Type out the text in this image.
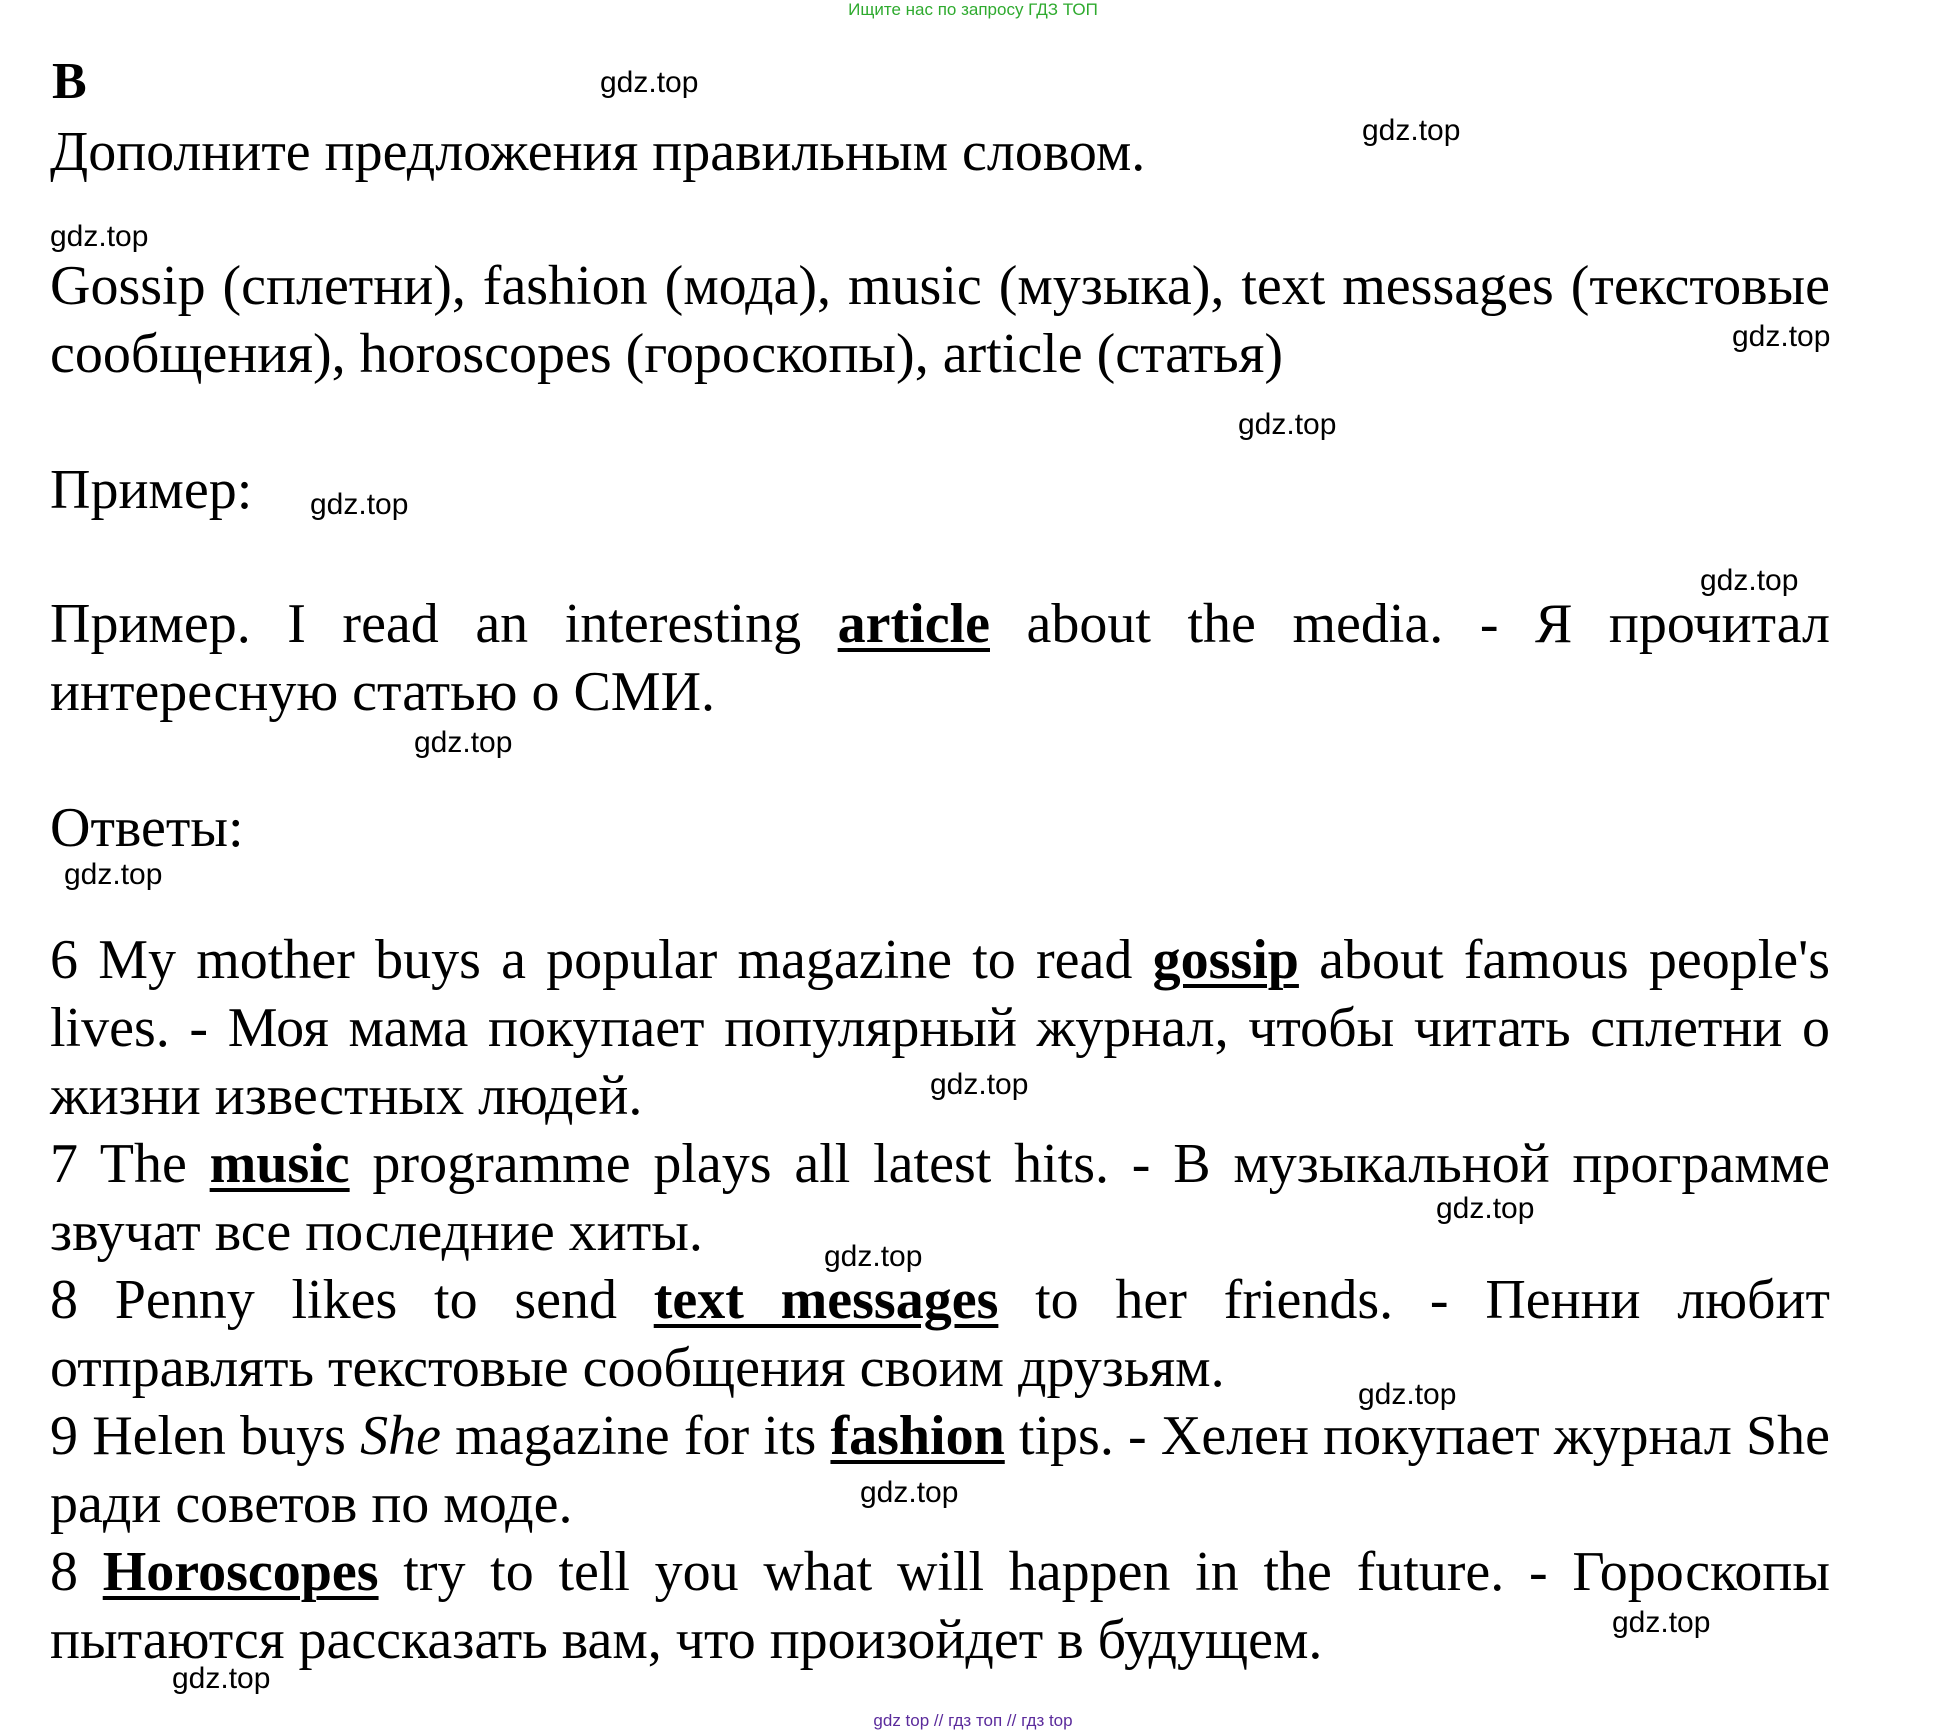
Ищите нас по запросу ГДЗ ТОП
B
Дополните предложения правильным словом.
Gossip (сплетни), fashion (мода), music (музыка), text messages (текстовые сообщения), horoscopes (гороскопы), article (статья)
Пример:
Пример. I read an interesting article about the media. - Я прочитал интересную статью о СМИ.
Ответы:
6 My mother buys a popular magazine to read gossip about famous people's lives. - Моя мама покупает популярный журнал, чтобы читать сплетни о жизни известных людей.
7 The music programme plays all latest hits. - В музыкальной программе звучат все последние хиты.
8 Penny likes to send text messages to her friends. - Пенни любит отправлять текстовые сообщения своим друзьям.
9 Helen buys She magazine for its fashion tips. - Хелен покупает журнал She ради советов по моде.
8 Horoscopes try to tell you what will happen in the future. - Гороскопы пытаются рассказать вам, что произойдет в будущем.
gdz.top
gdz.top
gdz.top
gdz.top
gdz.top
gdz.top
gdz.top
gdz.top
gdz.top
gdz.top
gdz.top
gdz.top
gdz.top
gdz.top
gdz.top
gdz.top
gdz top // гдз топ // гдз top
